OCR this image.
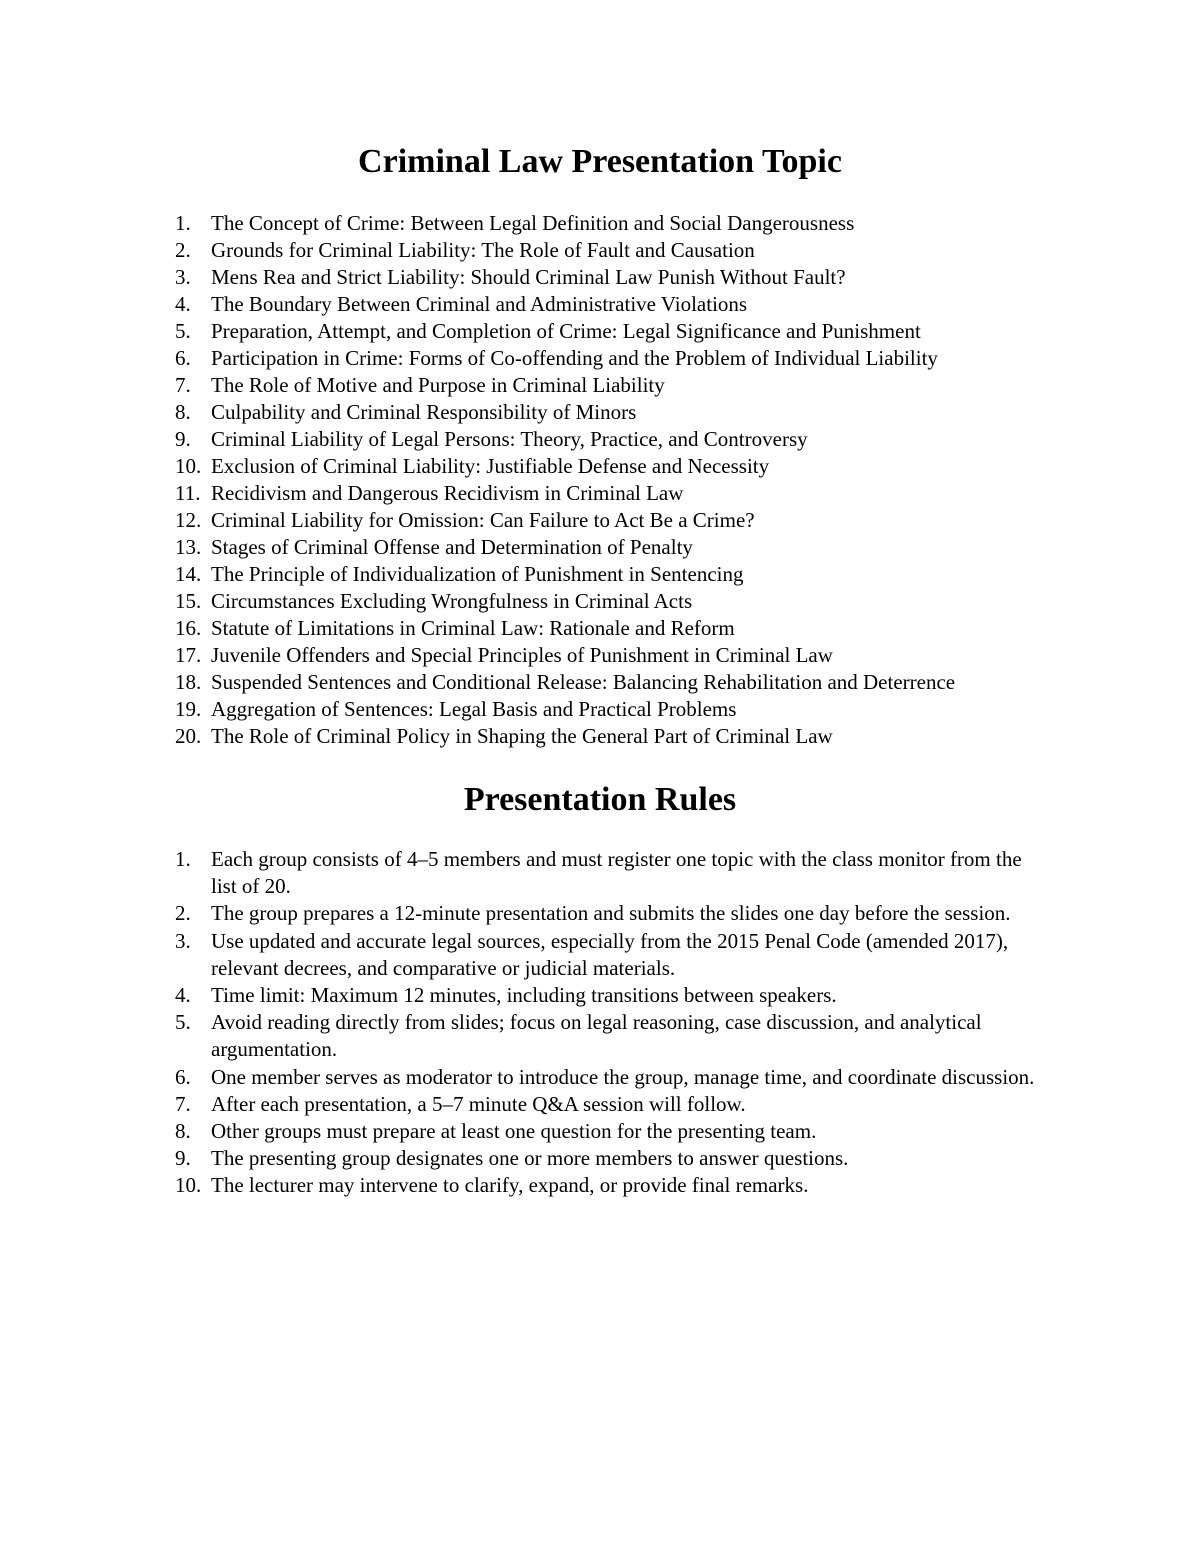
Criminal Law Presentation Topic
1. The Concept of Crime: Between Legal Definition and Social Dangerousness
2. Grounds for Criminal Liability: The Role of Fault and Causation
3. Mens Rea and Strict Liability: Should Criminal Law Punish Without Fault?
4. The Boundary Between Criminal and Administrative Violations
5. Preparation, Attempt, and Completion of Crime: Legal Significance and Punishment
6. Participation in Crime: Forms of Co-offending and the Problem of Individual Liability
7. The Role of Motive and Purpose in Criminal Liability
8. Culpability and Criminal Responsibility of Minors
9. Criminal Liability of Legal Persons: Theory, Practice, and Controversy
10. Exclusion of Criminal Liability: Justifiable Defense and Necessity
11. Recidivism and Dangerous Recidivism in Criminal Law
12. Criminal Liability for Omission: Can Failure to Act Be a Crime?
13. Stages of Criminal Offense and Determination of Penalty
14. The Principle of Individualization of Punishment in Sentencing
15. Circumstances Excluding Wrongfulness in Criminal Acts
16. Statute of Limitations in Criminal Law: Rationale and Reform
17. Juvenile Offenders and Special Principles of Punishment in Criminal Law
18. Suspended Sentences and Conditional Release: Balancing Rehabilitation and Deterrence
19. Aggregation of Sentences: Legal Basis and Practical Problems
20. The Role of Criminal Policy in Shaping the General Part of Criminal Law
Presentation Rules
1. Each group consists of 4–5 members and must register one topic with the class monitor from the list of 20.
2. The group prepares a 12-minute presentation and submits the slides one day before the session.
3. Use updated and accurate legal sources, especially from the 2015 Penal Code (amended 2017), relevant decrees, and comparative or judicial materials.
4. Time limit: Maximum 12 minutes, including transitions between speakers.
5. Avoid reading directly from slides; focus on legal reasoning, case discussion, and analytical argumentation.
6. One member serves as moderator to introduce the group, manage time, and coordinate discussion.
7. After each presentation, a 5–7 minute Q&A session will follow.
8. Other groups must prepare at least one question for the presenting team.
9. The presenting group designates one or more members to answer questions.
10. The lecturer may intervene to clarify, expand, or provide final remarks.
